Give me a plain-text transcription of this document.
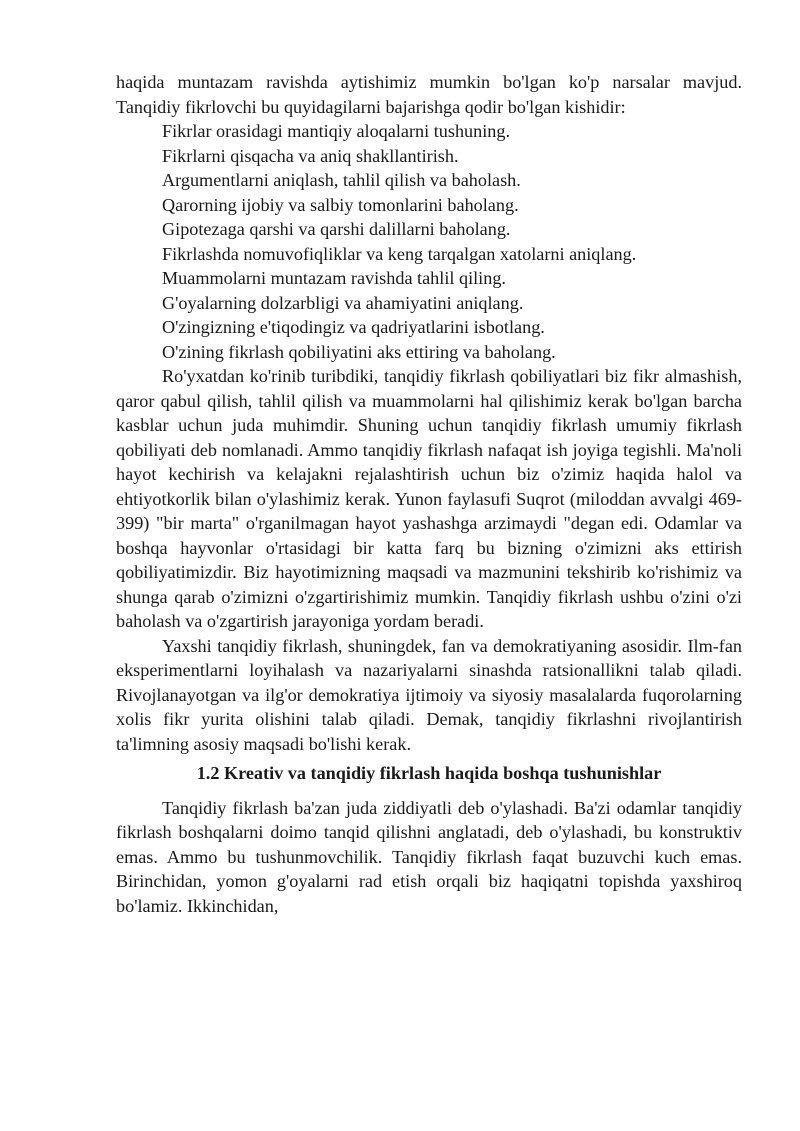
haqida muntazam ravishda aytishimiz mumkin bo'lgan ko'p narsalar mavjud. Tanqidiy fikrlovchi bu quyidagilarni bajarishga qodir bo'lgan kishidir:

Fikrlar orasidagi mantiqiy aloqalarni tushuning.
Fikrlarni qisqacha va aniq shakllantirish.
Argumentlarni aniqlash, tahlil qilish va baholash.
Qarorning ijobiy va salbiy tomonlarini baholang.
Gipotezaga qarshi va qarshi dalillarni baholang.
Fikrlashda nomuvofiqliklar va keng tarqalgan xatolarni aniqlang.
Muammolarni muntazam ravishda tahlil qiling.
G'oyalarning dolzarbligi va ahamiyatini aniqlang.
O'zingizning e'tiqodingiz va qadriyatlarini isbotlang.
O'zining fikrlash qobiliyatini aks ettiring va baholang.

Ro'yxatdan ko'rinib turibdiki, tanqidiy fikrlash qobiliyatlari biz fikr almashish, qaror qabul qilish, tahlil qilish va muammolarni hal qilishimiz kerak bo'lgan barcha kasblar uchun juda muhimdir. Shuning uchun tanqidiy fikrlash umumiy fikrlash qobiliyati deb nomlanadi. Ammo tanqidiy fikrlash nafaqat ish joyiga tegishli. Ma'noli hayot kechirish va kelajakni rejalashtirish uchun biz o'zimiz haqida halol va ehtiyotkorlik bilan o'ylashimiz kerak. Yunon faylasufi Suqrot (miloddan avvalgi 469-399) "bir marta" o'rganilmagan hayot yashashga arzimaydi "degan edi. Odamlar va boshqa hayvonlar o'rtasidagi bir katta farq bu bizning o'zimizni aks ettirish qobiliyatimizdir. Biz hayotimizning maqsadi va mazmunini tekshirib ko'rishimiz va shunga qarab o'zimizni o'zgartirishimiz mumkin. Tanqidiy fikrlash ushbu o'zini o'zi baholash va o'zgartirish jarayoniga yordam beradi.

Yaxshi tanqidiy fikrlash, shuningdek, fan va demokratiyaning asosidir. Ilm-fan eksperimentlarni loyihalash va nazariyalarni sinashda ratsionallikni talab qiladi. Rivojlanayotgan va ilg'or demokratiya ijtimoiy va siyosiy masalalarda fuqorolarning xolis fikr yurita olishini talab qiladi. Demak, tanqidiy fikrlashni rivojlantirish ta'limning asosiy maqsadi bo'lishi kerak.

1.2 Kreativ va tanqidiy fikrlash haqida boshqa tushunishlar

Tanqidiy fikrlash ba'zan juda ziddiyatli deb o'ylashadi. Ba'zi odamlar tanqidiy fikrlash boshqalarni doimo tanqid qilishni anglatadi, deb o'ylashadi, bu konstruktiv emas. Ammo bu tushunmovchilik. Tanqidiy fikrlash faqat buzuvchi kuch emas. Birinchidan, yomon g'oyalarni rad etish orqali biz haqiqatni topishda yaxshiroq bo'lamiz. Ikkinchidan,
